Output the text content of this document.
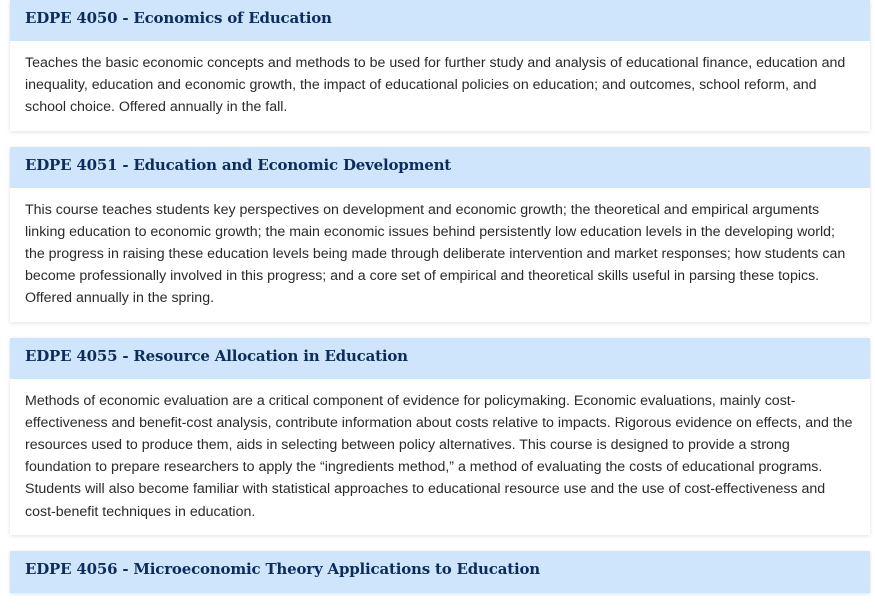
EDPE 4050 - Economics of Education

Teaches the basic economic concepts and methods to be used for further study and analysis of educational finance, education and inequality, education and economic growth, the impact of educational policies on education; and outcomes, school reform, and school choice. Offered annually in the fall.

EDPE 4051 - Education and Economic Development

This course teaches students key perspectives on development and economic growth; the theoretical and empirical arguments linking education to economic growth; the main economic issues behind persistently low education levels in the developing world; the progress in raising these education levels being made through deliberate intervention and market responses; how students can become professionally involved in this progress; and a core set of empirical and theoretical skills useful in parsing these topics. Offered annually in the spring.

EDPE 4055 - Resource Allocation in Education

Methods of economic evaluation are a critical component of evidence for policymaking. Economic evaluations, mainly cost-effectiveness and benefit-cost analysis, contribute information about costs relative to impacts. Rigorous evidence on effects, and the resources used to produce them, aids in selecting between policy alternatives. This course is designed to provide a strong foundation to prepare researchers to apply the “ingredients method,” a method of evaluating the costs of educational programs. Students will also become familiar with statistical approaches to educational resource use and the use of cost-effectiveness and cost-benefit techniques in education.

EDPE 4056 - Microeconomic Theory Applications to Education
